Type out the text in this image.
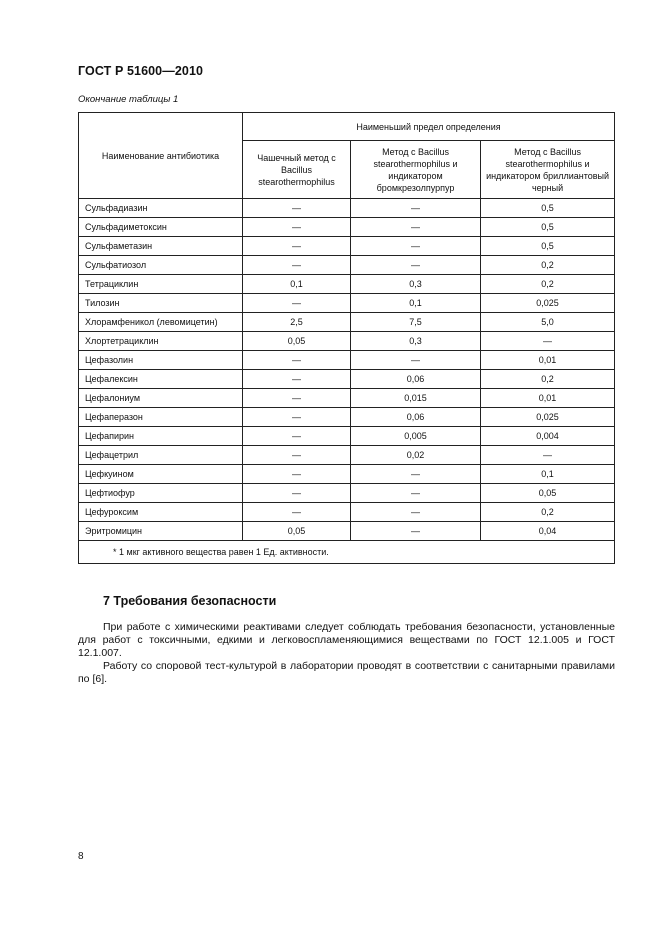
ГОСТ Р 51600—2010
Окончание таблицы 1
Наименование антибиотика	Наименьший предел определения		
	Чашечный метод с Bacillus stearothermophilus	Метод с Bacillus stearothermophilus и индикатором бромкрезолпурпур	Метод с Bacillus stearothermophilus и индикатором бриллиантовый черный
Сульфадиазин	—	—	0,5
Сульфадиметоксин	—	—	0,5
Сульфаметазин	—	—	0,5
Сульфатиозол	—	—	0,2
Тетрациклин	0,1	0,3	0,2
Тилозин	—	0,1	0,025
Хлорамфеникол (левомицетин)	2,5	7,5	5,0
Хлортетрациклин	0,05	0,3	—
Цефазолин	—	—	0,01
Цефалексин	—	0,06	0,2
Цефалониум	—	0,015	0,01
Цефаперазон	—	0,06	0,025
Цефапирин	—	0,005	0,004
Цефацетрил	—	0,02	—
Цефкуином	—	—	0,1
Цефтиофур	—	—	0,05
Цефуроксим	—	—	0,2
Эритромицин	0,05	—	0,04
* 1 мкг активного вещества равен 1 Ед. активности.			
7 Требования безопасности

При работе с химическими реактивами следует соблюдать требования безопасности, установленные для работ с токсичными, едкими и легковоспламеняющимися веществами по ГОСТ 12.1.005 и ГОСТ 12.1.007.

Работу со споровой тест-культурой в лаборатории проводят в соответствии с санитарными правилами по [6].

8
